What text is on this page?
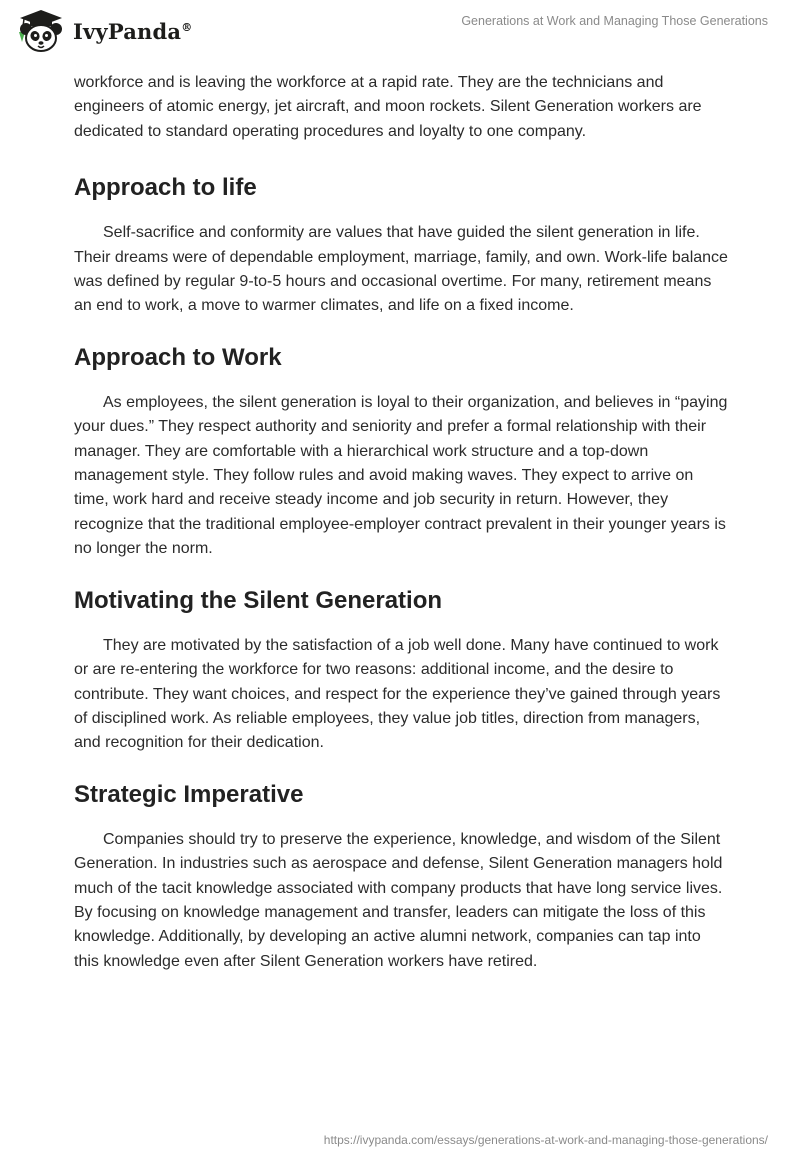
IvyPanda®	Generations at Work and Managing Those Generations

workforce and is leaving the workforce at a rapid rate. They are the technicians and engineers of atomic energy, jet aircraft, and moon rockets. Silent Generation workers are dedicated to standard operating procedures and loyalty to one company.

Approach to life

Self-sacrifice and conformity are values that have guided the silent generation in life. Their dreams were of dependable employment, marriage, family, and own. Work-life balance was defined by regular 9-to-5 hours and occasional overtime. For many, retirement means an end to work, a move to warmer climates, and life on a fixed income.

Approach to Work

As employees, the silent generation is loyal to their organization, and believes in “paying your dues.” They respect authority and seniority and prefer a formal relationship with their manager. They are comfortable with a hierarchical work structure and a top-down management style. They follow rules and avoid making waves. They expect to arrive on time, work hard and receive steady income and job security in return. However, they recognize that the traditional employee-employer contract prevalent in their younger years is no longer the norm.

Motivating the Silent Generation

They are motivated by the satisfaction of a job well done. Many have continued to work or are re-entering the workforce for two reasons: additional income, and the desire to contribute. They want choices, and respect for the experience they’ve gained through years of disciplined work. As reliable employees, they value job titles, direction from managers, and recognition for their dedication.

Strategic Imperative

Companies should try to preserve the experience, knowledge, and wisdom of the Silent Generation. In industries such as aerospace and defense, Silent Generation managers hold much of the tacit knowledge associated with company products that have long service lives. By focusing on knowledge management and transfer, leaders can mitigate the loss of this knowledge. Additionally, by developing an active alumni network, companies can tap into this knowledge even after Silent Generation workers have retired.

https://ivypanda.com/essays/generations-at-work-and-managing-those-generations/
